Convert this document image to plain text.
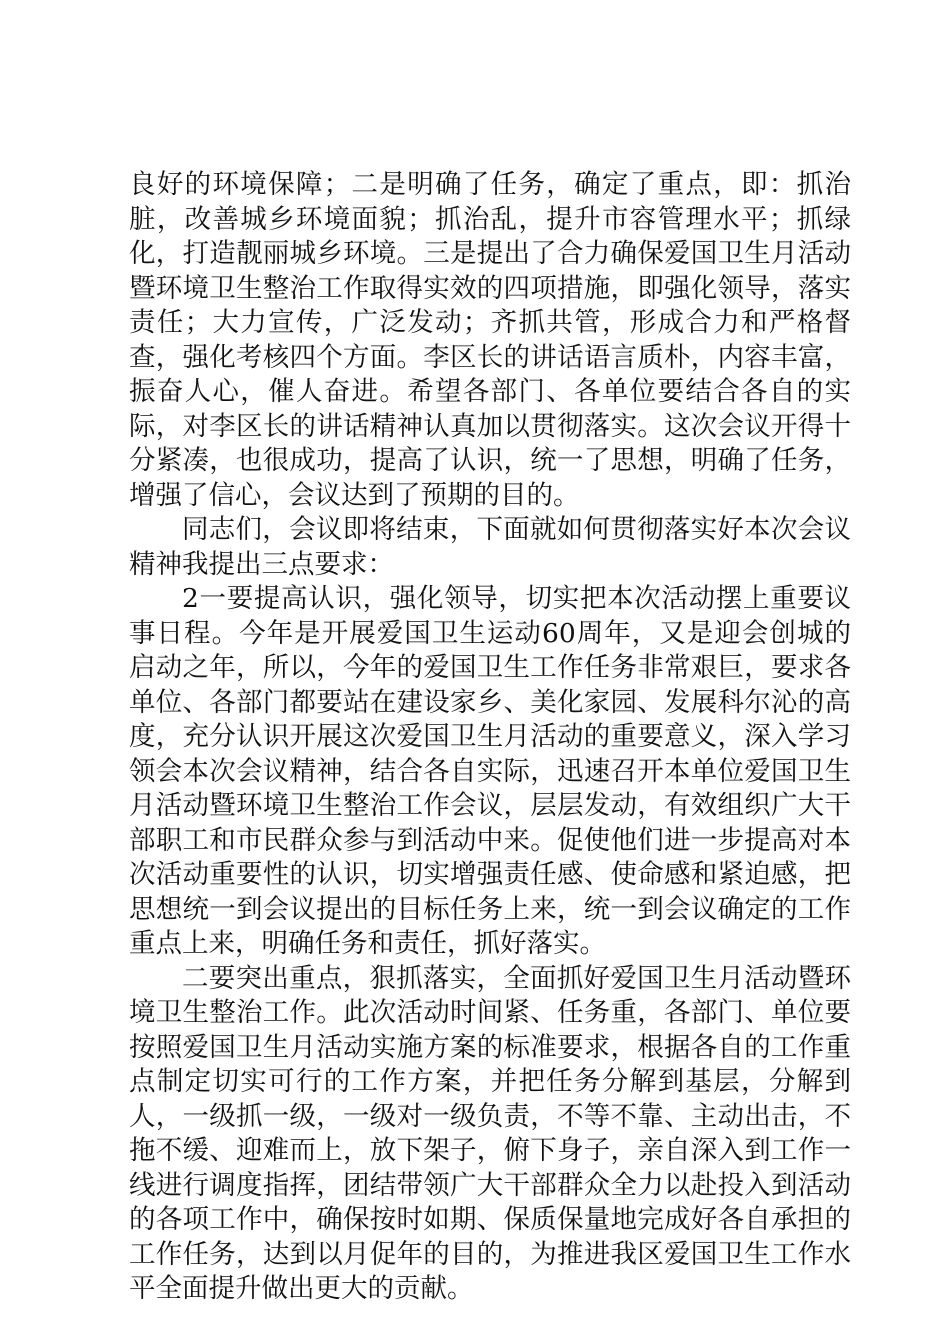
良好的环境保障；二是明确了任务，确定了重点，即：抓治脏，改善城乡环境面貌；抓治乱，提升市容管理水平；抓绿化，打造靓丽城乡环境。三是提出了合力确保爱国卫生月活动暨环境卫生整治工作取得实效的四项措施，即强化领导，落实责任；大力宣传，广泛发动；齐抓共管，形成合力和严格督查，强化考核四个方面。李区长的讲话语言质朴，内容丰富，振奋人心，催人奋进。希望各部门、各单位要结合各自的实际，对李区长的讲话精神认真加以贯彻落实。这次会议开得十分紧凑，也很成功，提高了认识，统一了思想，明确了任务，增强了信心，会议达到了预期的目的。

同志们，会议即将结束，下面就如何贯彻落实好本次会议精神我提出三点要求：

2一要提高认识，强化领导，切实把本次活动摆上重要议事日程。今年是开展爱国卫生运动60周年，又是迎会创城的启动之年，所以，今年的爱国卫生工作任务非常艰巨，要求各单位、各部门都要站在建设家乡、美化家园、发展科尔沁的高度，充分认识开展这次爱国卫生月活动的重要意义，深入学习领会本次会议精神，结合各自实际，迅速召开本单位爱国卫生月活动暨环境卫生整治工作会议，层层发动，有效组织广大干部职工和市民群众参与到活动中来。促使他们进一步提高对本次活动重要性的认识，切实增强责任感、使命感和紧迫感，把思想统一到会议提出的目标任务上来，统一到会议确定的工作重点上来，明确任务和责任，抓好落实。

二要突出重点，狠抓落实，全面抓好爱国卫生月活动暨环境卫生整治工作。此次活动时间紧、任务重，各部门、单位要按照爱国卫生月活动实施方案的标准要求，根据各自的工作重点制定切实可行的工作方案，并把任务分解到基层，分解到人，一级抓一级，一级对一级负责，不等不靠、主动出击，不拖不缓、迎难而上，放下架子，俯下身子，亲自深入到工作一线进行调度指挥，团结带领广大干部群众全力以赴投入到活动的各项工作中，确保按时如期、保质保量地完成好各自承担的工作任务，达到以月促年的目的，为推进我区爱国卫生工作水平全面提升做出更大的贡献。
